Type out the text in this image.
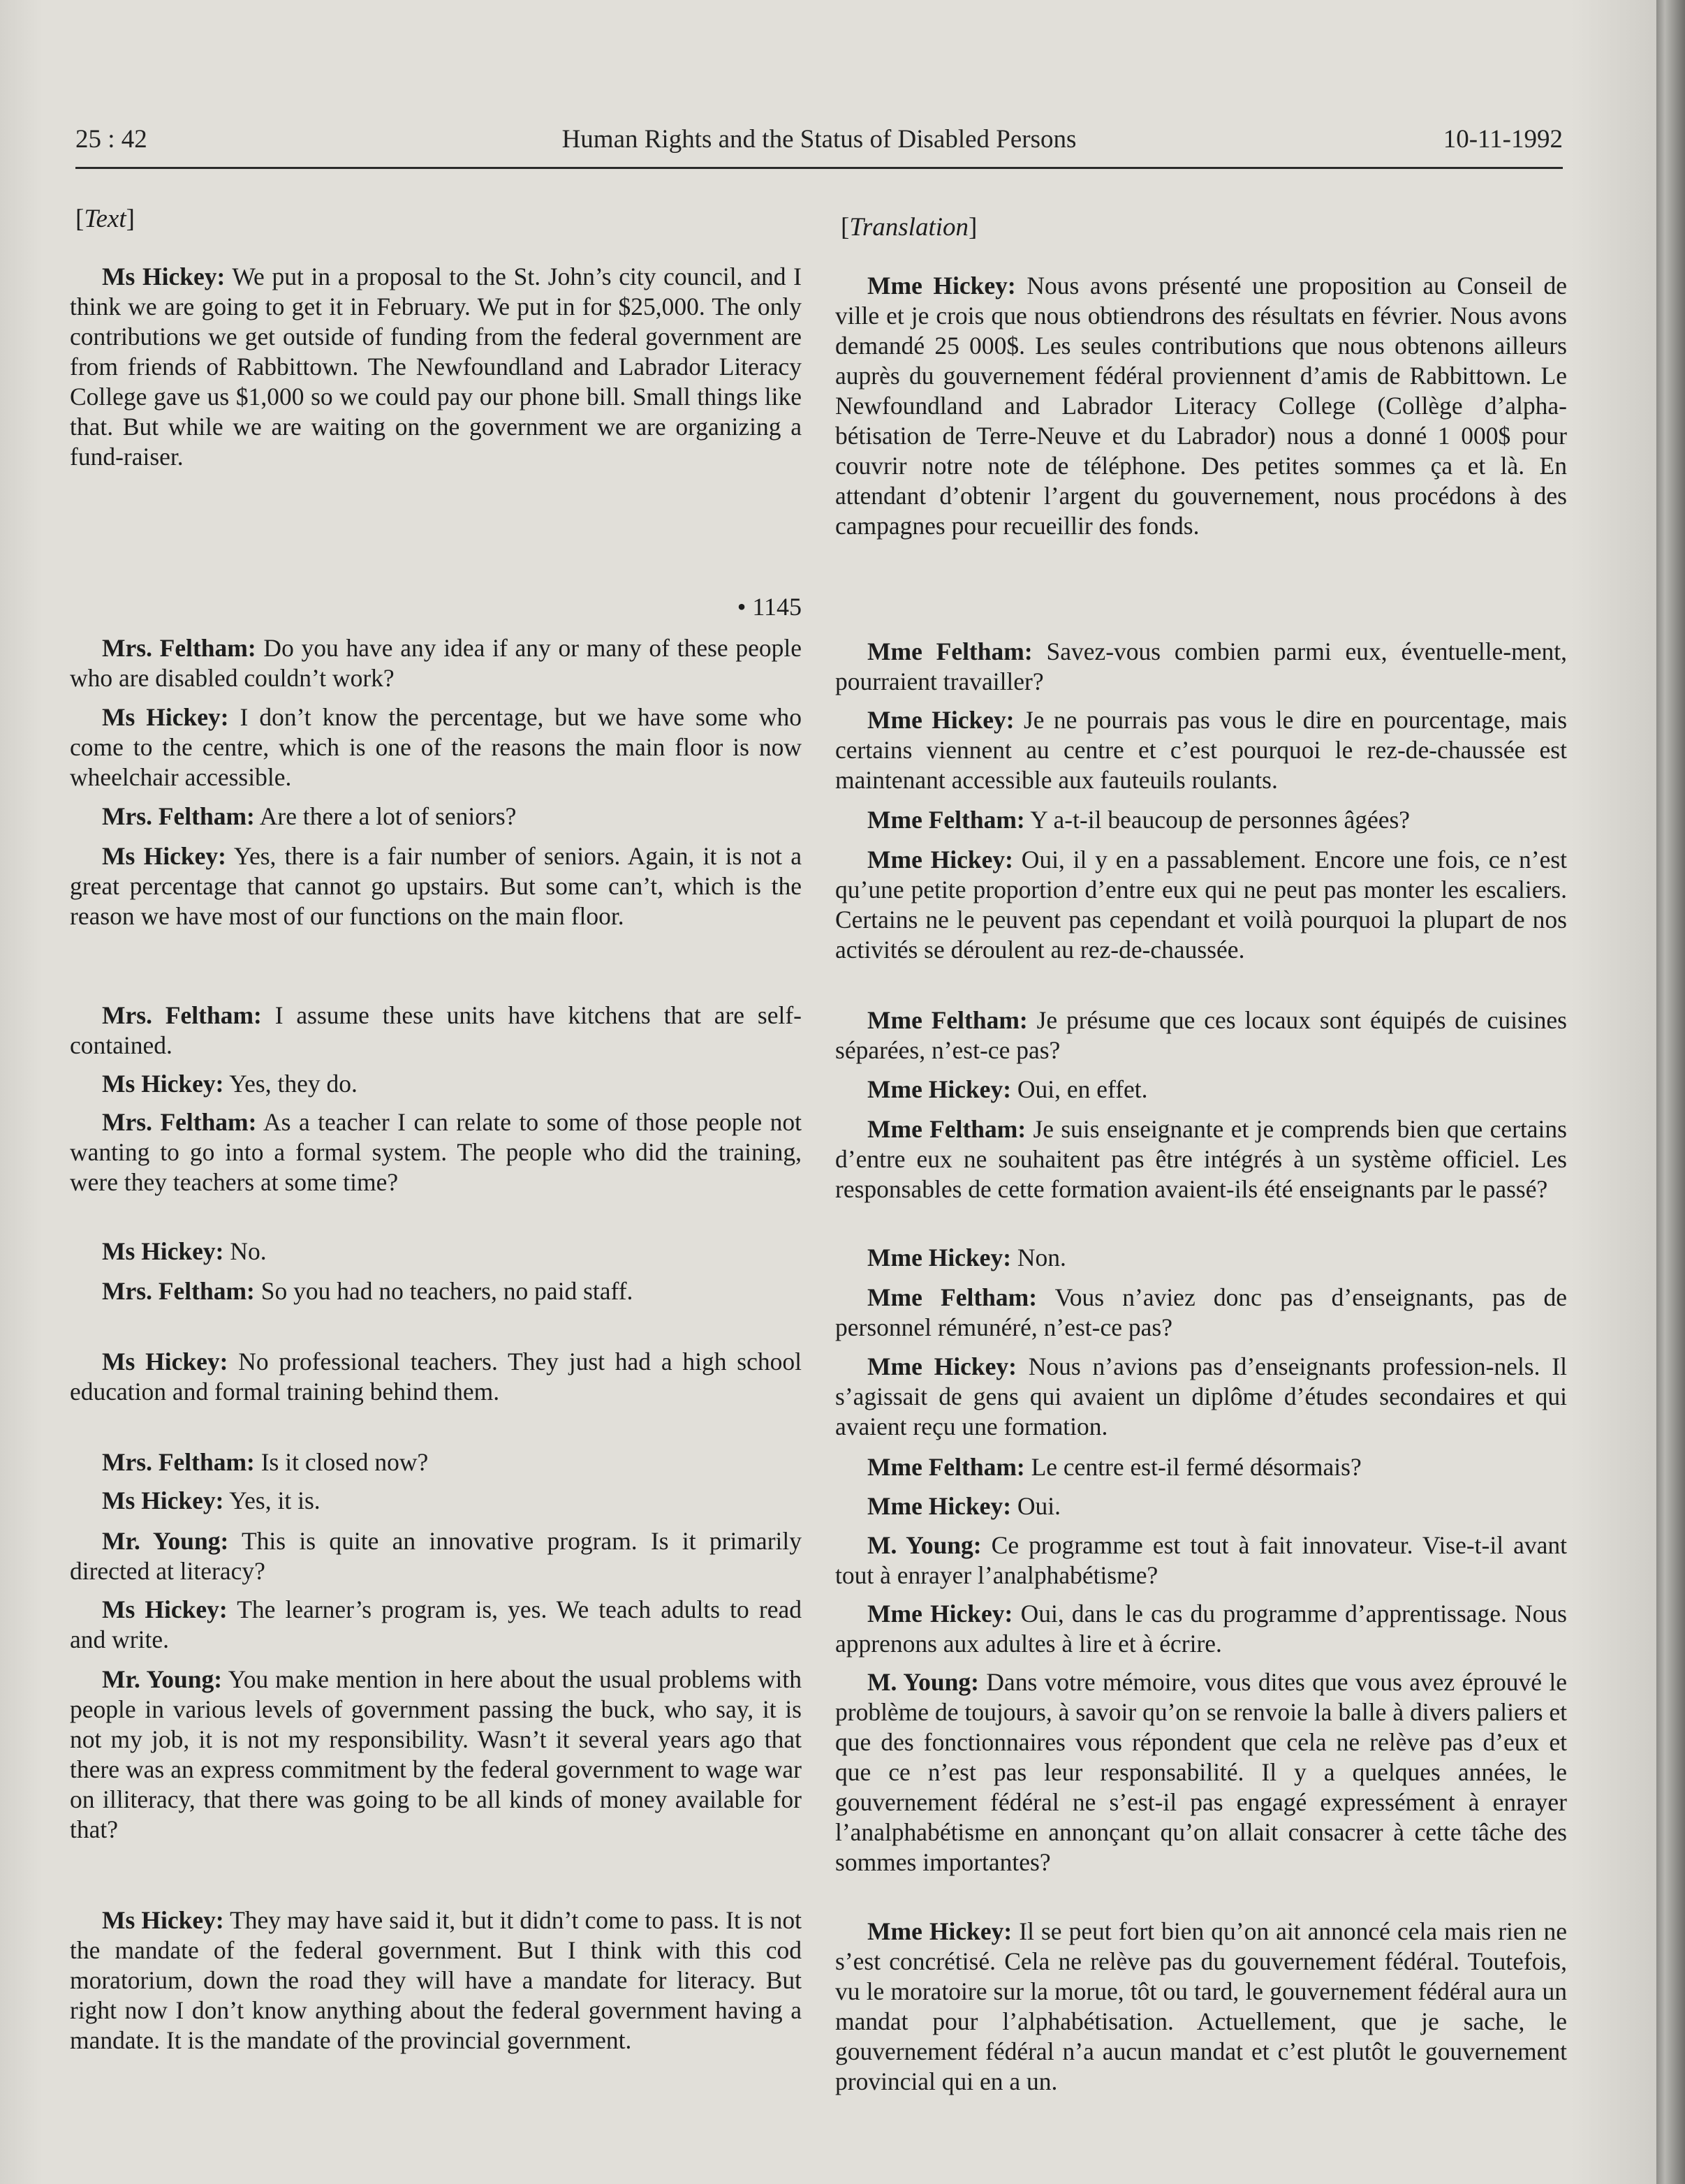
25 : 42	Human Rights and the Status of Disabled Persons	10-11-1992
[Text]

Ms Hickey: We put in a proposal to the St. John’s city council, and I think we are going to get it in February. We put in for $25,000. The only contributions we get outside of funding from the federal government are from friends of Rabbittown. The Newfoundland and Labrador Literacy College gave us $1,000 so we could pay our phone bill. Small things like that. But while we are waiting on the government we are organizing a fund-raiser.

• 1145

Mrs. Feltham: Do you have any idea if any or many of these people who are disabled couldn’t work?

Ms Hickey: I don’t know the percentage, but we have some who come to the centre, which is one of the reasons the main floor is now wheelchair accessible.

Mrs. Feltham: Are there a lot of seniors?

Ms Hickey: Yes, there is a fair number of seniors. Again, it is not a great percentage that cannot go upstairs. But some can’t, which is the reason we have most of our functions on the main floor.

Mrs. Feltham: I assume these units have kitchens that are self-contained.

Ms Hickey: Yes, they do.

Mrs. Feltham: As a teacher I can relate to some of those people not wanting to go into a formal system. The people who did the training, were they teachers at some time?

Ms Hickey: No.

Mrs. Feltham: So you had no teachers, no paid staff.

Ms Hickey: No professional teachers. They just had a high school education and formal training behind them.

Mrs. Feltham: Is it closed now?

Ms Hickey: Yes, it is.

Mr. Young: This is quite an innovative program. Is it primarily directed at literacy?

Ms Hickey: The learner’s program is, yes. We teach adults to read and write.

Mr. Young: You make mention in here about the usual problems with people in various levels of government passing the buck, who say, it is not my job, it is not my responsibility. Wasn’t it several years ago that there was an express commitment by the federal government to wage war on illiteracy, that there was going to be all kinds of money available for that?

Ms Hickey: They may have said it, but it didn’t come to pass. It is not the mandate of the federal government. But I think with this cod moratorium, down the road they will have a mandate for literacy. But right now I don’t know anything about the federal government having a mandate. It is the mandate of the provincial government.

[Translation]

Mme Hickey: Nous avons présenté une proposition au Conseil de ville et je crois que nous obtiendrons des résultats en février. Nous avons demandé 25 000$. Les seules contributions que nous obtenons ailleurs auprès du gouvernement fédéral proviennent d’amis de Rabbittown. Le Newfoundland and Labrador Literacy College (Collège d’alpha-bétisation de Terre-Neuve et du Labrador) nous a donné 1 000$ pour couvrir notre note de téléphone. Des petites sommes ça et là. En attendant d’obtenir l’argent du gouvernement, nous procédons à des campagnes pour recueillir des fonds.

Mme Feltham: Savez-vous combien parmi eux, éventuelle-ment, pourraient travailler?

Mme Hickey: Je ne pourrais pas vous le dire en pourcentage, mais certains viennent au centre et c’est pourquoi le rez-de-chaussée est maintenant accessible aux fauteuils roulants.

Mme Feltham: Y a-t-il beaucoup de personnes âgées?

Mme Hickey: Oui, il y en a passablement. Encore une fois, ce n’est qu’une petite proportion d’entre eux qui ne peut pas monter les escaliers. Certains ne le peuvent pas cependant et voilà pourquoi la plupart de nos activités se déroulent au rez-de-chaussée.

Mme Feltham: Je présume que ces locaux sont équipés de cuisines séparées, n’est-ce pas?

Mme Hickey: Oui, en effet.

Mme Feltham: Je suis enseignante et je comprends bien que certains d’entre eux ne souhaitent pas être intégrés à un système officiel. Les responsables de cette formation avaient-ils été enseignants par le passé?

Mme Hickey: Non.

Mme Feltham: Vous n’aviez donc pas d’enseignants, pas de personnel rémunéré, n’est-ce pas?

Mme Hickey: Nous n’avions pas d’enseignants profession-nels. Il s’agissait de gens qui avaient un diplôme d’études secondaires et qui avaient reçu une formation.

Mme Feltham: Le centre est-il fermé désormais?

Mme Hickey: Oui.

M. Young: Ce programme est tout à fait innovateur. Vise-t-il avant tout à enrayer l’analphabétisme?

Mme Hickey: Oui, dans le cas du programme d’apprentissage. Nous apprenons aux adultes à lire et à écrire.

M. Young: Dans votre mémoire, vous dites que vous avez éprouvé le problème de toujours, à savoir qu’on se renvoie la balle à divers paliers et que des fonctionnaires vous répondent que cela ne relève pas d’eux et que ce n’est pas leur responsabilité. Il y a quelques années, le gouvernement fédéral ne s’est-il pas engagé expressément à enrayer l’analphabétisme en annonçant qu’on allait consacrer à cette tâche des sommes importantes?

Mme Hickey: Il se peut fort bien qu’on ait annoncé cela mais rien ne s’est concrétisé. Cela ne relève pas du gouvernement fédéral. Toutefois, vu le moratoire sur la morue, tôt ou tard, le gouvernement fédéral aura un mandat pour l’alphabétisation. Actuellement, que je sache, le gouvernement fédéral n’a aucun mandat et c’est plutôt le gouvernement provincial qui en a un.
